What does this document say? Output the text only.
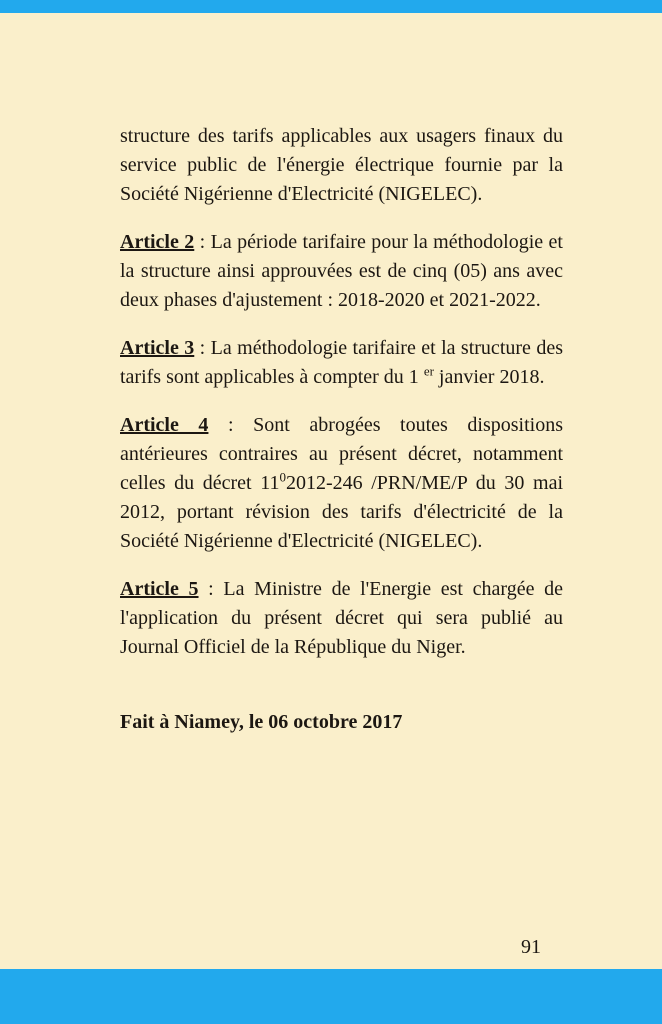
structure des tarifs applicables aux usagers finaux du service public de l'énergie électrique fournie par la Société Nigérienne d'Electricité (NIGELEC).

Article 2 : La période tarifaire pour la méthodologie et la structure ainsi approuvées est de cinq (05) ans avec deux phases d'ajustement : 2018-2020 et 2021-2022.

Article 3 : La méthodologie tarifaire et la structure des tarifs sont applicables à compter du 1 $^{er}$ janvier 2018.

Article 4 : Sont abrogées toutes dispositions antérieures contraires au présent décret, notamment celles du décret $11^02012-246$ /PRN/ME/P du 30 mai 2012, portant révision des tarifs d'électricité de la Société Nigérienne d'Electricité (NIGELEC).

Article 5 : La Ministre de l'Energie est chargée de l'application du présent décret qui sera publié au Journal Officiel de la République du Niger.

Fait à Niamey, le 06 octobre 2017

91
